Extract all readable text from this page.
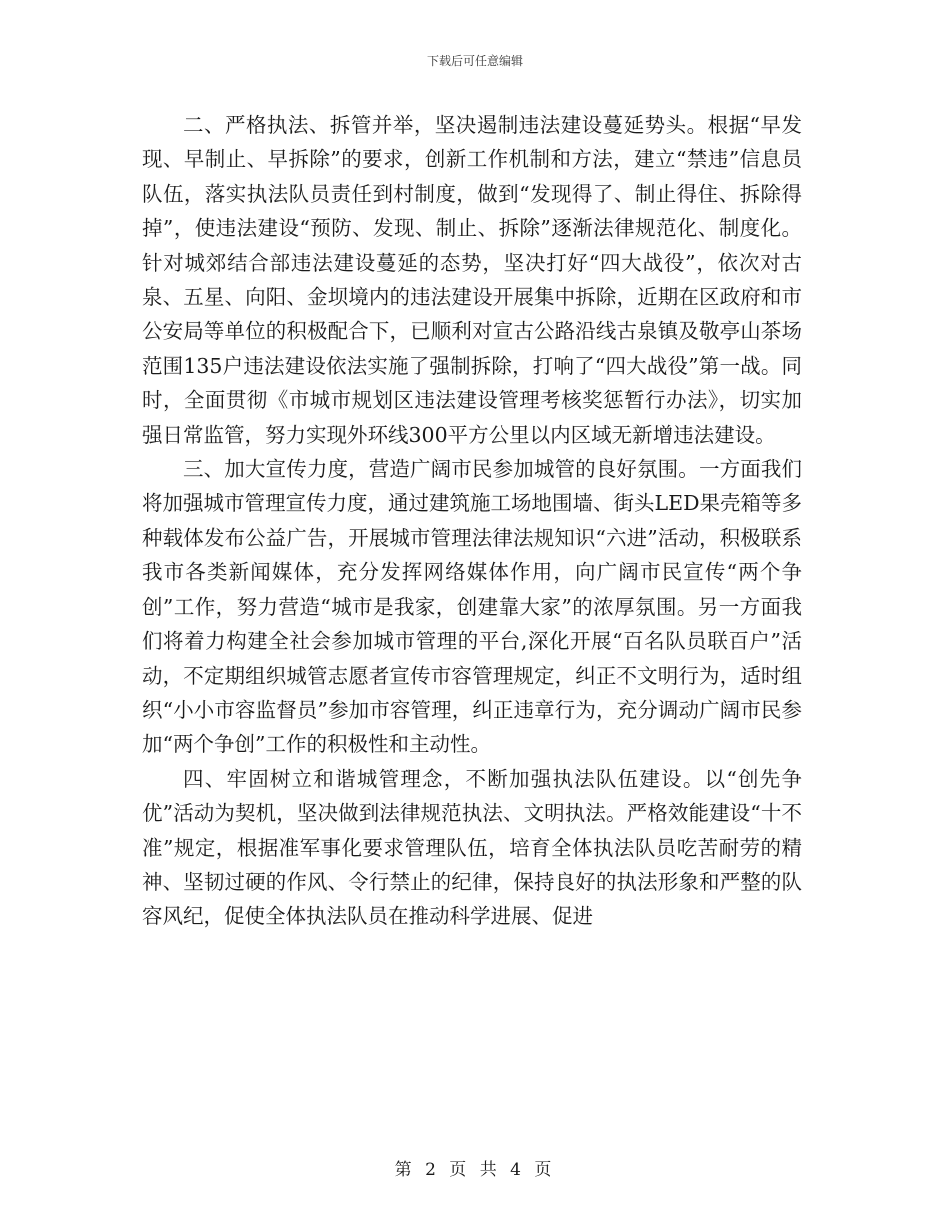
下载后可任意编辑

二、严格执法、拆管并举，坚决遏制违法建设蔓延势头。根据“早发现、早制止、早拆除”的要求，创新工作机制和方法，建立“禁违”信息员队伍，落实执法队员责任到村制度，做到“发现得了、制止得住、拆除得掉”，使违法建设“预防、发现、制止、拆除”逐渐法律规范化、制度化。针对城郊结合部违法建设蔓延的态势，坚决打好“四大战役”，依次对古泉、五星、向阳、金坝境内的违法建设开展集中拆除，近期在区政府和市公安局等单位的积极配合下，已顺利对宣古公路沿线古泉镇及敬亭山茶场范围135户违法建设依法实施了强制拆除，打响了“四大战役”第一战。同时，全面贯彻《市城市规划区违法建设管理考核奖惩暂行办法》，切实加强日常监管，努力实现外环线300平方公里以内区域无新增违法建设。

三、加大宣传力度，营造广阔市民参加城管的良好氛围。一方面我们将加强城市管理宣传力度，通过建筑施工场地围墙、街头LED果壳箱等多种载体发布公益广告，开展城市管理法律法规知识“六进”活动，积极联系我市各类新闻媒体，充分发挥网络媒体作用，向广阔市民宣传“两个争创”工作，努力营造“城市是我家，创建靠大家”的浓厚氛围。另一方面我们将着力构建全社会参加城市管理的平台,深化开展“百名队员联百户”活动，不定期组织城管志愿者宣传市容管理规定，纠正不文明行为，适时组织“小小市容监督员”参加市容管理，纠正违章行为，充分调动广阔市民参加“两个争创”工作的积极性和主动性。

四、牢固树立和谐城管理念，不断加强执法队伍建设。以“创先争优”活动为契机，坚决做到法律规范执法、文明执法。严格效能建设“十不准”规定，根据准军事化要求管理队伍，培育全体执法队员吃苦耐劳的精神、坚韧过硬的作风、令行禁止的纪律，保持良好的执法形象和严整的队容风纪，促使全体执法队员在推动科学进展、促进

第 2 页 共 4 页
